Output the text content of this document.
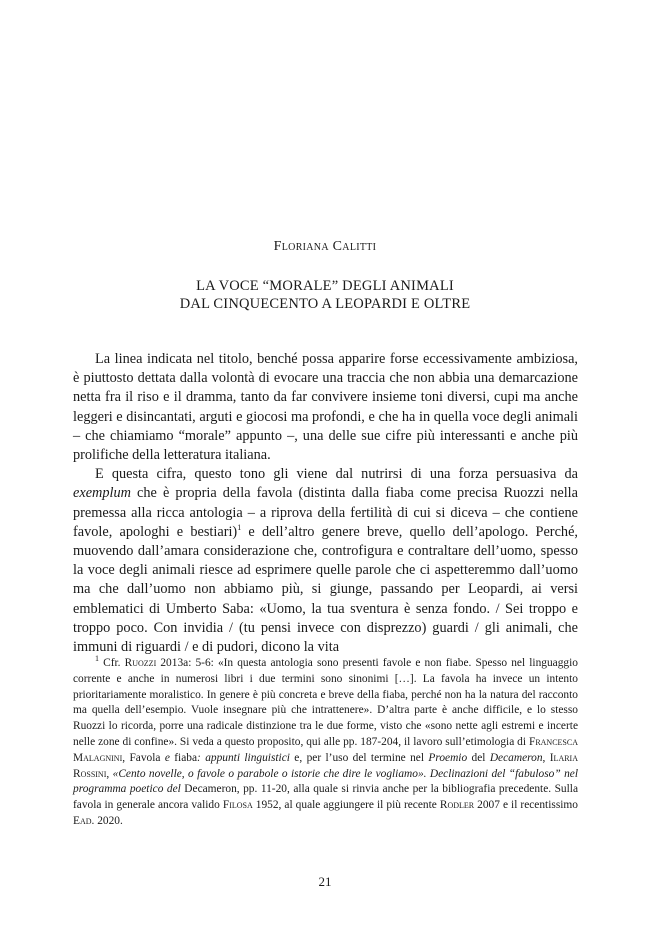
Floriana Calitti
LA VOCE “MORALE” DEGLI ANIMALI
DAL CINQUECENTO A LEOPARDI E OLTRE

La linea indicata nel titolo, benché possa apparire forse eccessivamente ambiziosa, è piuttosto dettata dalla volontà di evocare una traccia che non abbia una demarcazione netta fra il riso e il dramma, tanto da far convivere insieme toni diversi, cupi ma anche leggeri e disincantati, arguti e giocosi ma profondi, e che ha in quella voce degli animali – che chiamiamo “morale” appunto –, una delle sue cifre più interessanti e anche più prolifiche della letteratura italiana.

E questa cifra, questo tono gli viene dal nutrirsi di una forza persuasiva da exemplum che è propria della favola (distinta dalla fiaba come precisa Ruozzi nella premessa alla ricca antologia – a riprova della fertilità di cui si diceva – che contiene favole, apologhi e bestiari)$^1$ e dell’altro genere breve, quello dell’apologo. Perché, muovendo dall’amara considerazione che, controfigura e contraltare dell’uomo, spesso la voce degli animali riesce ad esprimere quelle parole che ci aspetteremmo dall’uomo ma che dall’uomo non abbiamo più, si giunge, passando per Leopardi, ai versi emblematici di Umberto Saba: «Uomo, la tua sventura è senza fondo. / Sei troppo e troppo poco. Con invidia / (tu pensi invece con disprezzo) guardi / gli animali, che immuni di riguardi / e di pudori, dicono la vita

$^1$ Cfr. Ruozzi 2013a: 5-6: «In questa antologia sono presenti favole e non fiabe. Spesso nel linguaggio corrente e anche in numerosi libri i due termini sono sinonimi […]. La favola ha invece un intento prioritariamente moralistico. In genere è più concreta e breve della fiaba, perché non ha la natura del racconto ma quella dell’esempio. Vuole insegnare più che intrattenere». D’altra parte è anche difficile, e lo stesso Ruozzi lo ricorda, porre una radicale distinzione tra le due forme, visto che «sono nette agli estremi e incerte nelle zone di confine». Si veda a questo proposito, qui alle pp. 187-204, il lavoro sull’etimologia di Francesca Malagnini, Favola e fiaba: appunti linguistici e, per l’uso del termine nel Proemio del Decameron, Ilaria Rossini, «Cento novelle, o favole o parabole o istorie che dire le vogliamo». Declinazioni del “fabuloso” nel programma poetico del Decameron, pp. 11-20, alla quale si rinvia anche per la bibliografia precedente. Sulla favola in generale ancora valido Filosa 1952, al quale aggiungere il più recente Rodler 2007 e il recentissimo Ead. 2020.

21
